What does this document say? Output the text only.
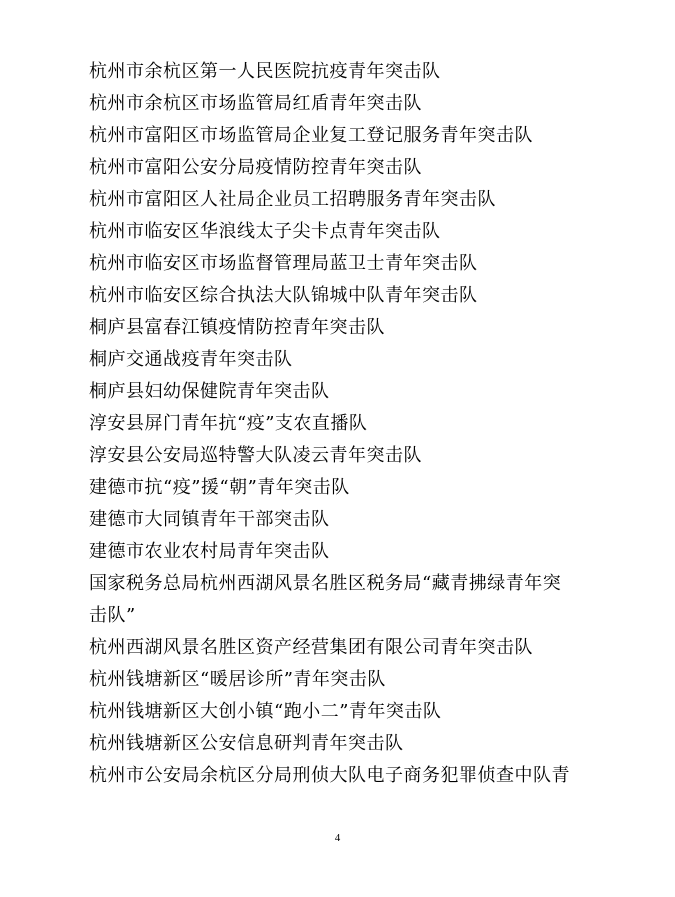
杭州市余杭区第一人民医院抗疫青年突击队
杭州市余杭区市场监管局红盾青年突击队
杭州市富阳区市场监管局企业复工登记服务青年突击队
杭州市富阳公安分局疫情防控青年突击队
杭州市富阳区人社局企业员工招聘服务青年突击队
杭州市临安区华浪线太子尖卡点青年突击队
杭州市临安区市场监督管理局蓝卫士青年突击队
杭州市临安区综合执法大队锦城中队青年突击队
桐庐县富春江镇疫情防控青年突击队
桐庐交通战疫青年突击队
桐庐县妇幼保健院青年突击队
淳安县屏门青年抗“疫”支农直播队
淳安县公安局巡特警大队凌云青年突击队
建德市抗“疫”援“朝”青年突击队
建德市大同镇青年干部突击队
建德市农业农村局青年突击队
国家税务总局杭州西湖风景名胜区税务局“藏青拂绿青年突
击队”
杭州西湖风景名胜区资产经营集团有限公司青年突击队
杭州钱塘新区“暖居诊所”青年突击队
杭州钱塘新区大创小镇“跑小二”青年突击队
杭州钱塘新区公安信息研判青年突击队
杭州市公安局余杭区分局刑侦大队电子商务犯罪侦查中队青
4
